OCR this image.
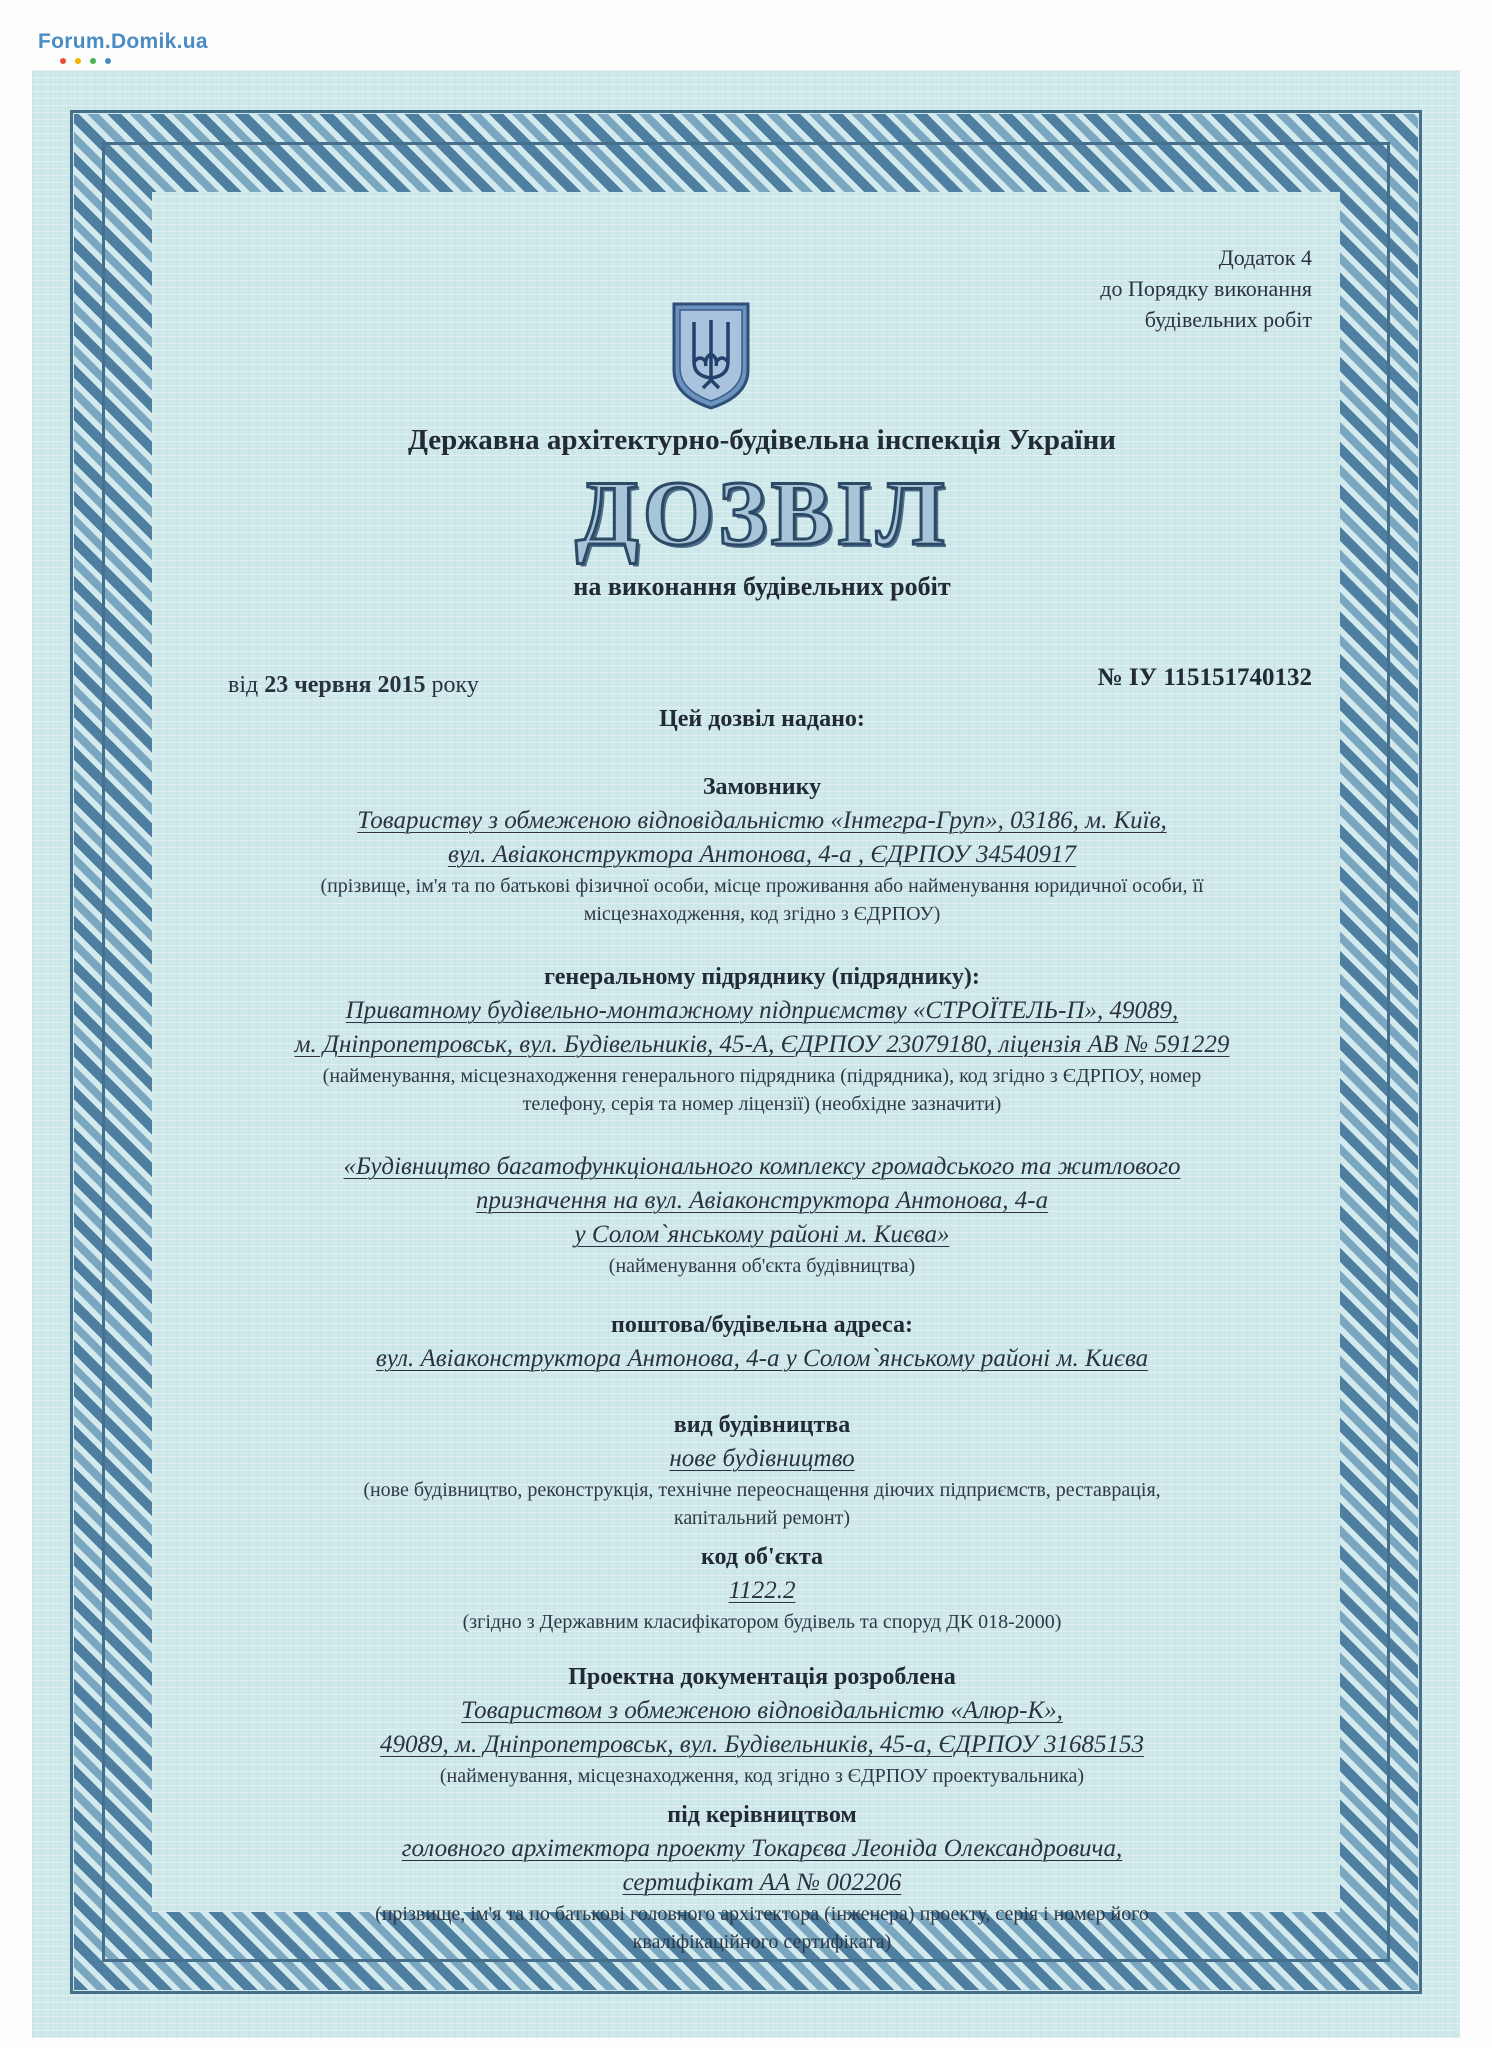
Forum.Domik.ua
Додаток 4
до Порядку виконання
будівельних робіт
Державна архітектурно-будівельна інспекція України
ДОЗВІЛ
на виконання будівельних робіт
від 23 червня 2015 року	№ ІУ 115151740132
Цей дозвіл надано:
Замовнику
Товариству з обмеженою відповідальністю «Інтегра-Груп», 03186, м. Київ,
вул. Авіаконструктора Антонова, 4-а , ЄДРПОУ 34540917
(прізвище, ім'я та по батькові фізичної особи, місце проживання або найменування юридичної особи, її
місцезнаходження, код згідно з ЄДРПОУ)
генеральному підряднику (підряднику):
Приватному будівельно-монтажному підприємству «СТРОЇТЕЛЬ-П», 49089,
м. Дніпропетровськ, вул. Будівельників, 45-А, ЄДРПОУ 23079180, ліцензія АВ № 591229
(найменування, місцезнаходження генерального підрядника (підрядника), код згідно з ЄДРПОУ, номер
телефону, серія та номер ліцензії) (необхідне зазначити)
«Будівництво багатофункціонального комплексу громадського та житлового
призначення на вул. Авіаконструктора Антонова, 4-а
у Солом`янському районі м. Києва»
(найменування об'єкта будівництва)
поштова/будівельна адреса:
вул. Авіаконструктора Антонова, 4-а у Солом`янському районі м. Києва
вид будівництва
нове будівництво
(нове будівництво, реконструкція, технічне переоснащення діючих підприємств, реставрація,
капітальний ремонт)
код об'єкта
1122.2
(згідно з Державним класифікатором будівель та споруд ДК 018-2000)
Проектна документація розроблена
Товариством з обмеженою відповідальністю «Алюр-К»,
49089, м. Дніпропетровськ, вул. Будівельників, 45-а, ЄДРПОУ 31685153
(найменування, місцезнаходження, код згідно з ЄДРПОУ проектувальника)
під керівництвом
головного архітектора проекту Токарєва Леоніда Олександровича,
сертифікат АА № 002206
(прізвище, ім'я та по батькові головного архітектора (інженера) проекту, серія і номер його
кваліфікаційного сертифіката)
